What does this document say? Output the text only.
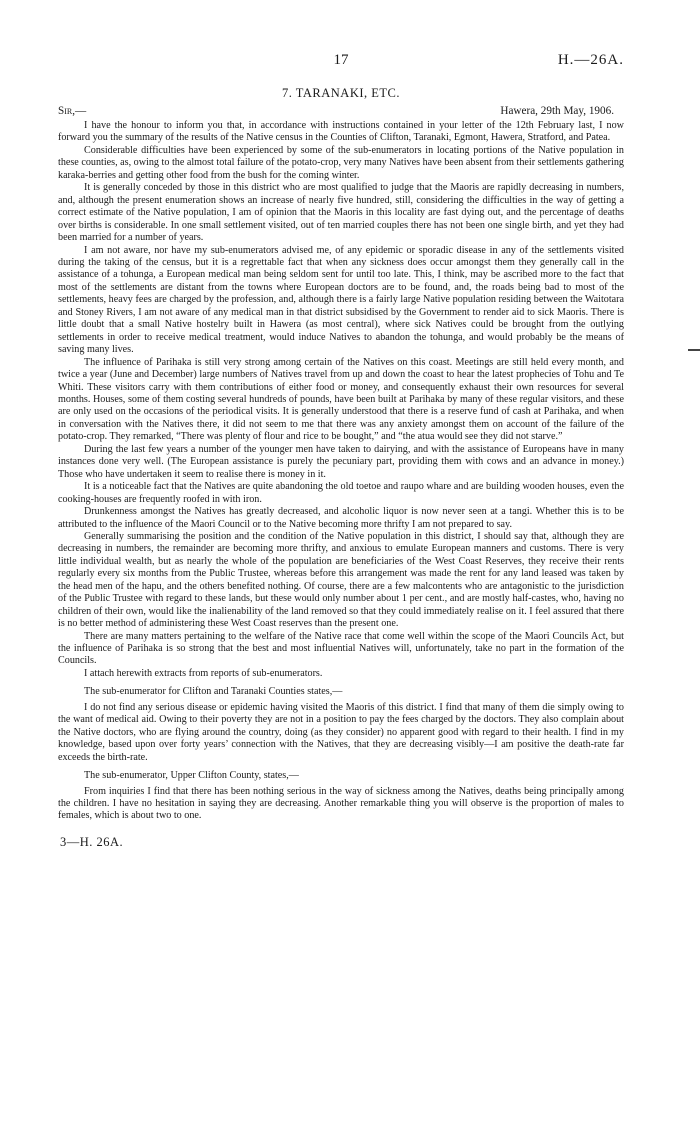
17	H.—26A.
7. TARANAKI, ETC.
Sir,—	Hawera, 29th May, 1906.

I have the honour to inform you that, in accordance with instructions contained in your letter of the 12th February last, I now forward you the summary of the results of the Native census in the Counties of Clifton, Taranaki, Egmont, Hawera, Stratford, and Patea.

Considerable difficulties have been experienced by some of the sub-enumerators in locating portions of the Native population in these counties, as, owing to the almost total failure of the potato-crop, very many Natives have been absent from their settlements gathering karaka-berries and getting other food from the bush for the coming winter.

It is generally conceded by those in this district who are most qualified to judge that the Maoris are rapidly decreasing in numbers, and, although the present enumeration shows an increase of nearly five hundred, still, considering the difficulties in the way of getting a correct estimate of the Native population, I am of opinion that the Maoris in this locality are fast dying out, and the percentage of deaths over births is considerable. In one small settlement visited, out of ten married couples there has not been one single birth, and yet they had been married for a number of years.

I am not aware, nor have my sub-enumerators advised me, of any epidemic or sporadic disease in any of the settlements visited during the taking of the census, but it is a regrettable fact that when any sickness does occur amongst them they generally call in the assistance of a tohunga, a European medical man being seldom sent for until too late. This, I think, may be ascribed more to the fact that most of the settlements are distant from the towns where European doctors are to be found, and, the roads being bad to most of the settlements, heavy fees are charged by the profession, and, although there is a fairly large Native population residing between the Waitotara and Stoney Rivers, I am not aware of any medical man in that district subsidised by the Government to render aid to sick Maoris. There is little doubt that a small Native hostelry built in Hawera (as most central), where sick Natives could be brought from the outlying settlements in order to receive medical treatment, would induce Natives to abandon the tohunga, and would probably be the means of saving many lives.

The influence of Parihaka is still very strong among certain of the Natives on this coast. Meetings are still held every month, and twice a year (June and December) large numbers of Natives travel from up and down the coast to hear the latest prophecies of Tohu and Te Whiti. These visitors carry with them contributions of either food or money, and consequently exhaust their own resources for several months. Houses, some of them costing several hundreds of pounds, have been built at Parihaka by many of these regular visitors, and these are only used on the occasions of the periodical visits. It is generally understood that there is a reserve fund of cash at Parihaka, and when in conversation with the Natives there, it did not seem to me that there was any anxiety amongst them on account of the failure of the potato-crop. They remarked, “There was plenty of flour and rice to be bought,” and “the atua would see they did not starve.”

During the last few years a number of the younger men have taken to dairying, and with the assistance of Europeans have in many instances done very well. (The European assistance is purely the pecuniary part, providing them with cows and an advance in money.) Those who have undertaken it seem to realise there is money in it.

It is a noticeable fact that the Natives are quite abandoning the old toetoe and raupo whare and are building wooden houses, even the cooking-houses are frequently roofed in with iron.

Drunkenness amongst the Natives has greatly decreased, and alcoholic liquor is now never seen at a tangi. Whether this is to be attributed to the influence of the Maori Council or to the Native becoming more thrifty I am not prepared to say.

Generally summarising the position and the condition of the Native population in this district, I should say that, although they are decreasing in numbers, the remainder are becoming more thrifty, and anxious to emulate European manners and customs. There is very little individual wealth, but as nearly the whole of the population are beneficiaries of the West Coast Reserves, they receive their rents regularly every six months from the Public Trustee, whereas before this arrangement was made the rent for any land leased was taken by the head men of the hapu, and the others benefited nothing. Of course, there are a few malcontents who are antagonistic to the jurisdiction of the Public Trustee with regard to these lands, but these would only number about 1 per cent., and are mostly half-castes, who, having no children of their own, would like the inalienability of the land removed so that they could immediately realise on it. I feel assured that there is no better method of administering these West Coast reserves than the present one.

There are many matters pertaining to the welfare of the Native race that come well within the scope of the Maori Councils Act, but the influence of Parihaka is so strong that the best and most influential Natives will, unfortunately, take no part in the formation of the Councils.

I attach herewith extracts from reports of sub-enumerators.

The sub-enumerator for Clifton and Taranaki Counties states,—

I do not find any serious disease or epidemic having visited the Maoris of this district. I find that many of them die simply owing to the want of medical aid. Owing to their poverty they are not in a position to pay the fees charged by the doctors. They also complain about the Native doctors, who are flying around the country, doing (as they consider) no apparent good with regard to their health. I find in my knowledge, based upon over forty years’ connection with the Natives, that they are decreasing visibly—I am positive the death-rate far exceeds the birth-rate.

The sub-enumerator, Upper Clifton County, states,—

From inquiries I find that there has been nothing serious in the way of sickness among the Natives, deaths being principally among the children. I have no hesitation in saying they are decreasing. Another remarkable thing you will observe is the proportion of males to females, which is about two to one.

3—H. 26A.
